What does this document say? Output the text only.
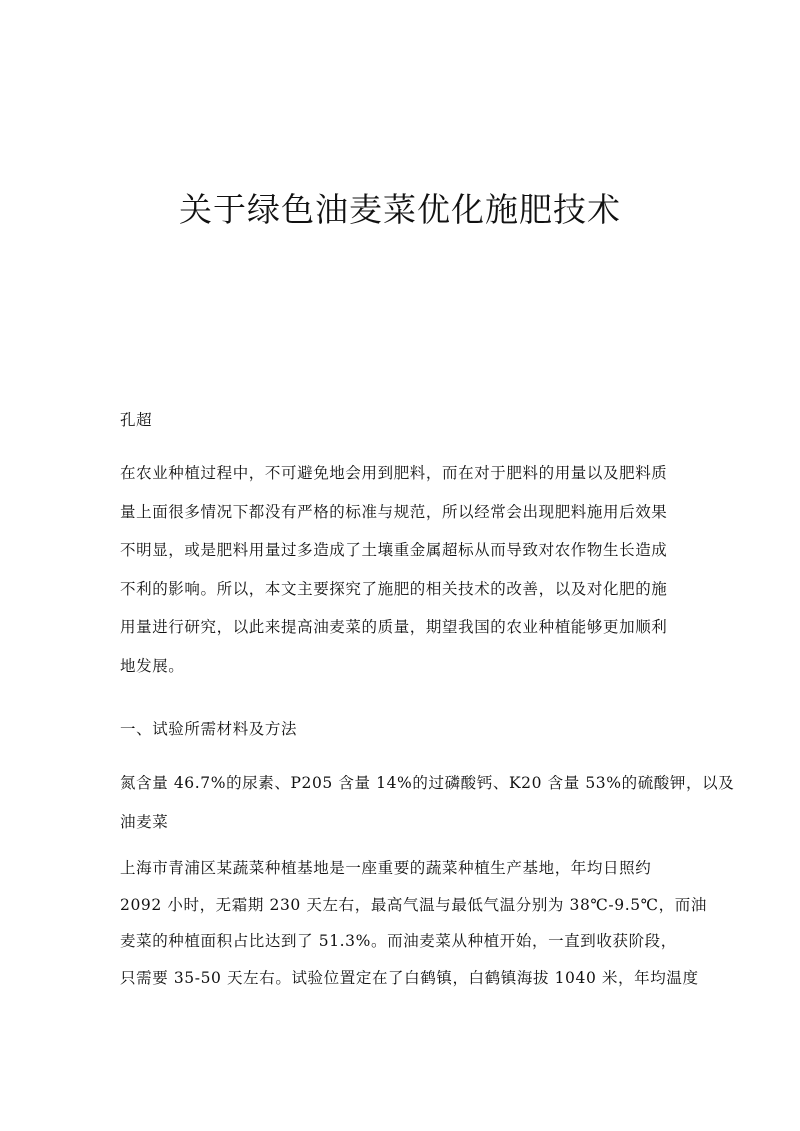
关于绿色油麦菜优化施肥技术
孔超
在农业种植过程中，不可避免地会用到肥料，而在对于肥料的用量以及肥料质
量上面很多情况下都没有严格的标准与规范，所以经常会出现肥料施用后效果
不明显，或是肥料用量过多造成了土壤重金属超标从而导致对农作物生长造成
不利的影响。所以，本文主要探究了施肥的相关技术的改善，以及对化肥的施
用量进行研究，以此来提高油麦菜的质量，期望我国的农业种植能够更加顺利
地发展。
一、试验所需材料及方法
氮含量 46.7%的尿素、P205 含量 14%的过磷酸钙、K20 含量 53%的硫酸钾，以及
油麦菜
上海市青浦区某蔬菜种植基地是一座重要的蔬菜种植生产基地，年均日照约
2092 小时，无霜期 230 天左右，最高气温与最低气温分别为 38℃-9.5℃，而油
麦菜的种植面积占比达到了 51.3%。而油麦菜从种植开始，一直到收获阶段，
只需要 35-50 天左右。试验位置定在了白鹤镇，白鹤镇海拔 1040 米，年均温度
